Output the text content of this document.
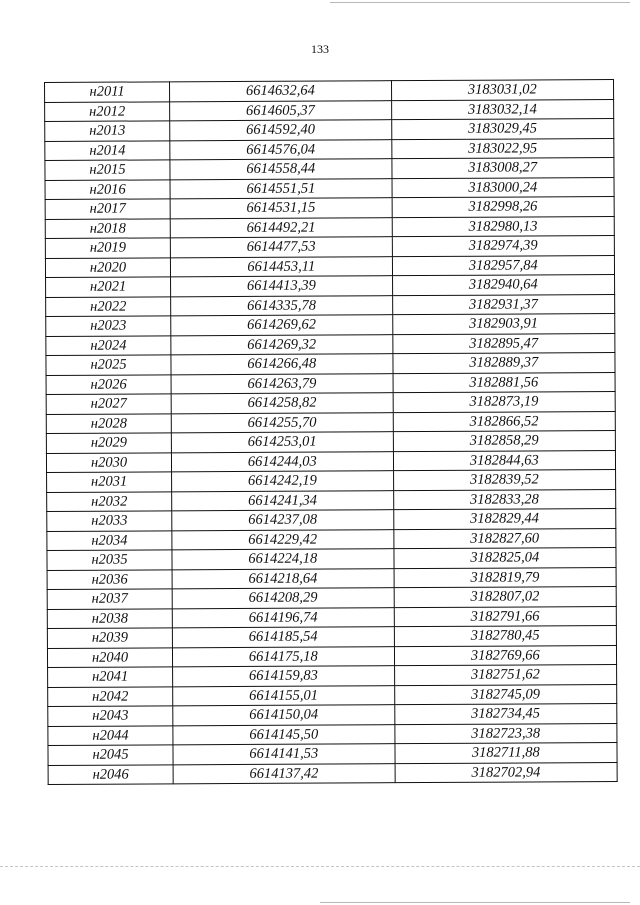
133
н2011	6614632,64	3183031,02
н2012	6614605,37	3183032,14
н2013	6614592,40	3183029,45
н2014	6614576,04	3183022,95
н2015	6614558,44	3183008,27
н2016	6614551,51	3183000,24
н2017	6614531,15	3182998,26
н2018	6614492,21	3182980,13
н2019	6614477,53	3182974,39
н2020	6614453,11	3182957,84
н2021	6614413,39	3182940,64
н2022	6614335,78	3182931,37
н2023	6614269,62	3182903,91
н2024	6614269,32	3182895,47
н2025	6614266,48	3182889,37
н2026	6614263,79	3182881,56
н2027	6614258,82	3182873,19
н2028	6614255,70	3182866,52
н2029	6614253,01	3182858,29
н2030	6614244,03	3182844,63
н2031	6614242,19	3182839,52
н2032	6614241,34	3182833,28
н2033	6614237,08	3182829,44
н2034	6614229,42	3182827,60
н2035	6614224,18	3182825,04
н2036	6614218,64	3182819,79
н2037	6614208,29	3182807,02
н2038	6614196,74	3182791,66
н2039	6614185,54	3182780,45
н2040	6614175,18	3182769,66
н2041	6614159,83	3182751,62
н2042	6614155,01	3182745,09
н2043	6614150,04	3182734,45
н2044	6614145,50	3182723,38
н2045	6614141,53	3182711,88
н2046	6614137,42	3182702,94
